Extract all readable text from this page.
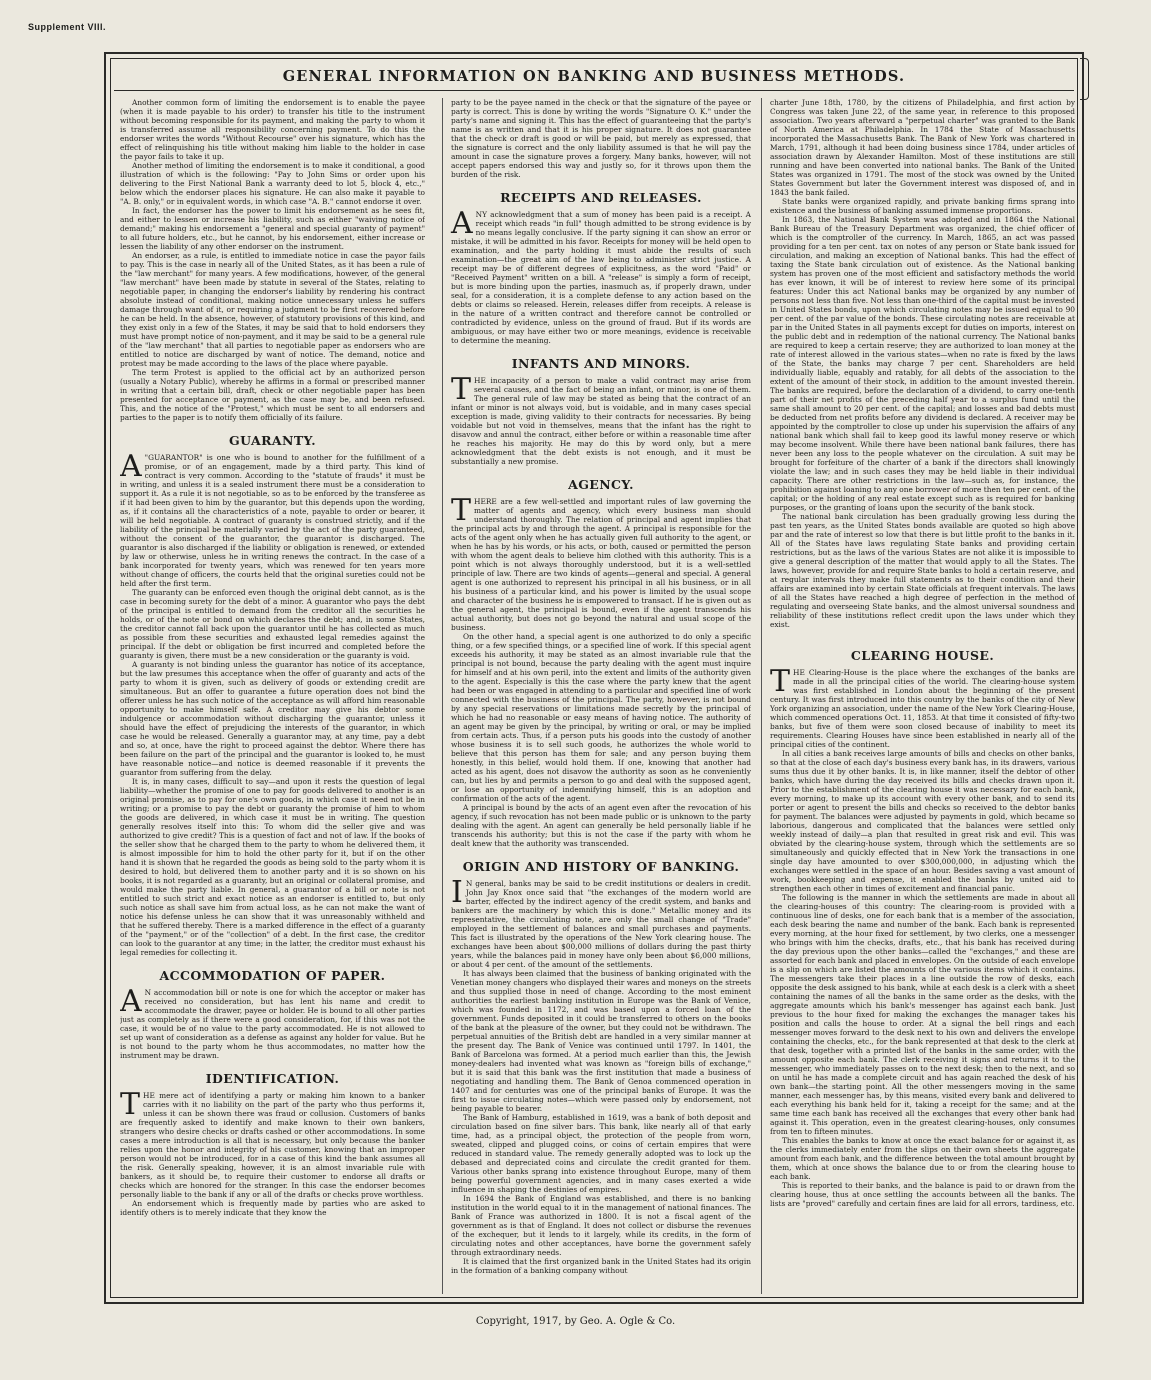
Supplement VIII.
GENERAL INFORMATION ON BANKING AND BUSINESS METHODS.

Another common form of limiting the endorsement is to enable the payee (when it is made payable to his order) to transfer his title to the instrument without becoming responsible for its payment, and making the party to whom it is transferred assume all responsibility concerning payment. To do this the endorser writes the words "Without Recourse" over his signature, which has the effect of relinquishing his title without making him liable to the holder in case the payor fails to take it up.

Another method of limiting the endorsement is to make it conditional, a good illustration of which is the following: "Pay to John Sims or order upon his delivering to the First National Bank a warranty deed to lot 5, block 4, etc.," below which the endorser places his signature. He can also make it payable to "A. B. only," or in equivalent words, in which case "A. B." cannot endorse it over.

In fact, the endorser has the power to limit his endorsement as he sees fit, and either to lessen or increase his liability, such as either "waiving notice of demand;" making his endorsement a "general and special guaranty of payment" to all future holders, etc., but he cannot, by his endorsement, either increase or lessen the liability of any other endorser on the instrument.

An endorser, as a rule, is entitled to immediate notice in case the payor fails to pay. This is the case in nearly all of the United States, as it has been a rule of the "law merchant" for many years. A few modifications, however, of the general "law merchant" have been made by statute in several of the States, relating to negotiable paper, in changing the endorser's liability by rendering his contract absolute instead of conditional, making notice unnecessary unless he suffers damage through want of it, or requiring a judgment to be first recovered before he can be held. In the absence, however, of statutory provisions of this kind, and they exist only in a few of the States, it may be said that to hold endorsers they must have prompt notice of non-payment, and it may be said to be a general rule of the "law merchant" that all parties to negotiable paper as endorsers who are entitled to notice are discharged by want of notice. The demand, notice and protest may be made according to the laws of the place where payable.

The term Protest is applied to the official act by an authorized person (usually a Notary Public), whereby he affirms in a formal or prescribed manner in writing that a certain bill, draft, check or other negotiable paper has been presented for acceptance or payment, as the case may be, and been refused. This, and the notice of the "Protest," which must be sent to all endorsers and parties to the paper is to notify them officially of its failure.

GUARANTY.

A"GUARANTOR" is one who is bound to another for the fulfillment of a promise, or of an engagement, made by a third party. This kind of contract is very common. According to the "statute of frauds" it must be in writing, and unless it is a sealed instrument there must be a consideration to support it. As a rule it is not negotiable, so as to be enforced by the transferee as if it had been given to him by the guarantor, but this depends upon the wording, as, if it contains all the characteristics of a note, payable to order or bearer, it will be held negotiable. A contract of guaranty is construed strictly, and if the liability of the principal be materially varied by the act of the party guaranteed, without the consent of the guarantor, the guarantor is discharged. The guarantor is also discharged if the liability or obligation is renewed, or extended by law or otherwise, unless he in writing renews the contract. In the case of a bank incorporated for twenty years, which was renewed for ten years more without change of officers, the courts held that the original sureties could not be held after the first term.

The guaranty can be enforced even though the original debt cannot, as is the case in becoming surety for the debt of a minor. A guarantor who pays the debt of the principal is entitled to demand from the creditor all the securities he holds, or of the note or bond on which declares the debt; and, in some States, the creditor cannot fall back upon the guarantor until he has collected as much as possible from these securities and exhausted legal remedies against the principal. If the debt or obligation be first incurred and completed before the guaranty is given, there must be a new consideration or the guaranty is void.

A guaranty is not binding unless the guarantor has notice of its acceptance, but the law presumes this acceptance when the offer of guaranty and acts of the party to whom it is given, such as delivery of goods or extending credit are simultaneous. But an offer to guarantee a future operation does not bind the offerer unless he has such notice of the acceptance as will afford him reasonable opportunity to make himself safe. A creditor may give his debtor some indulgence or accommodation without discharging the guarantor, unless it should have the effect of prejudicing the interests of the guarantor, in which case he would be released. Generally a guarantor may, at any time, pay a debt and so, at once, have the right to proceed against the debtor. Where there has been failure on the part of the principal and the guarantor is looked to, he must have reasonable notice—and notice is deemed reasonable if it prevents the guarantor from suffering from the delay.

It is, in many cases, difficult to say—and upon it rests the question of legal liability—whether the promise of one to pay for goods delivered to another is an original promise, as to pay for one's own goods, in which case it need not be in writing; or a promise to pay the debt or guaranty the promise of him to whom the goods are delivered, in which case it must be in writing. The question generally resolves itself into this: To whom did the seller give and was authorized to give credit? This is a question of fact and not of law. If the books of the seller show that he charged them to the party to whom he delivered them, it is almost impossible for him to hold the other party for it, but if on the other hand it is shown that he regarded the goods as being sold to the party whom it is desired to hold, but delivered them to another party and it is so shown on his books, it is not regarded as a guaranty, but an original or collateral promise, and would make the party liable. In general, a guarantor of a bill or note is not entitled to such strict and exact notice as an endorser is entitled to, but only such notice as shall save him from actual loss, as he can not make the want of notice his defense unless he can show that it was unreasonably withheld and that he suffered thereby. There is a marked difference in the effect of a guaranty of the "payment," or of the "collection" of a debt. In the first case, the creditor can look to the guarantor at any time; in the latter, the creditor must exhaust his legal remedies for collecting it.

ACCOMMODATION OF PAPER.

AN accommodation bill or note is one for which the acceptor or maker has received no consideration, but has lent his name and credit to accommodate the drawer, payee or holder. He is bound to all other parties just as completely as if there were a good consideration, for, if this was not the case, it would be of no value to the party accommodated. He is not allowed to set up want of consideration as a defense as against any holder for value. But he is not bound to the party whom he thus accommodates, no matter how the instrument may be drawn.

IDENTIFICATION.

THE mere act of identifying a party or making him known to a banker carries with it no liability on the part of the party who thus performs it, unless it can be shown there was fraud or collusion. Customers of banks are frequently asked to identify and make known to their own bankers, strangers who desire checks or drafts cashed or other accommodations. In some cases a mere introduction is all that is necessary, but only because the banker relies upon the honor and integrity of his customer, knowing that an improper person would not be introduced, for in a case of this kind the bank assumes all the risk. Generally speaking, however, it is an almost invariable rule with bankers, as it should be, to require their customer to endorse all drafts or checks which are honored for the stranger. In this case the endorser becomes personally liable to the bank if any or all of the drafts or checks prove worthless.

An endorsement which is frequently made by parties who are asked to identify others is to merely indicate that they know the

party to be the payee named in the check or that the signature of the payee or party is correct. This is done by writing the words "Signature O. K." under the party's name and signing it. This has the effect of guaranteeing that the party's name is as written and that it is his proper signature. It does not guarantee that the check or draft is good or will be paid, but merely as expressed, that the signature is correct and the only liability assumed is that he will pay the amount in case the signature proves a forgery. Many banks, however, will not accept papers endorsed this way and justly so, for it throws upon them the burden of the risk.

RECEIPTS AND RELEASES.

ANY acknowledgment that a sum of money has been paid is a receipt. A receipt which reads "in full" though admitted to be strong evidence is by no means legally conclusive. If the party signing it can show an error or mistake, it will be admitted in his favor. Receipts for money will be held open to examination, and the party holding it must abide the results of such examination—the great aim of the law being to administer strict justice. A receipt may be of different degrees of explicitness, as the word "Paid" or "Received Payment" written on a bill. A "release" is simply a form of receipt, but is more binding upon the parties, inasmuch as, if properly drawn, under seal, for a consideration, it is a complete defense to any action based on the debts or claims so released. Herein, releases differ from receipts. A release is in the nature of a written contract and therefore cannot be controlled or contradicted by evidence, unless on the ground of fraud. But if its words are ambiguous, or may have either two or more meanings, evidence is receivable to determine the meaning.

INFANTS AND MINORS.

THE incapacity of a person to make a valid contract may arise from several causes, and the fact of being an infant, or minor, is one of them. The general rule of law may be stated as being that the contract of an infant or minor is not always void, but is voidable, and in many cases special exception is made, giving validity to their contracts for necessaries. By being voidable but not void in themselves, means that the infant has the right to disavow and annul the contract, either before or within a reasonable time after he reaches his majority. He may do this by word only, but a mere acknowledgment that the debt exists is not enough, and it must be substantially a new promise.

AGENCY.

THERE are a few well-settled and important rules of law governing the matter of agents and agency, which every business man should understand thoroughly. The relation of principal and agent implies that the principal acts by and through the agent. A principal is responsible for the acts of the agent only when he has actually given full authority to the agent, or when he has by his words, or his acts, or both, caused or permitted the person with whom the agent deals to believe him clothed with this authority. This is a point which is not always thoroughly understood, but it is a well-settled principle of law. There are two kinds of agents—general and special. A general agent is one authorized to represent his principal in all his business, or in all his business of a particular kind, and his power is limited by the usual scope and character of the business he is empowered to transact. If he is given out as the general agent, the principal is bound, even if the agent transcends his actual authority, but does not go beyond the natural and usual scope of the business.

On the other hand, a special agent is one authorized to do only a specific thing, or a few specified things, or a specified line of work. If this special agent exceeds his authority, it may be stated as an almost invariable rule that the principal is not bound, because the party dealing with the agent must inquire for himself and at his own peril, into the extent and limits of the authority given to the agent. Especially is this the case where the party knew that the agent had been or was engaged in attending to a particular and specified line of work connected with the business of the principal. The party, however, is not bound by any special reservations or limitations made secretly by the principal of which he had no reasonable or easy means of having notice. The authority of an agent may be given by the principal, by writing or oral, or may be implied from certain acts. Thus, if a person puts his goods into the custody of another whose business it is to sell such goods, he authorizes the whole world to believe that this person has them for sale; and any person buying them honestly, in this belief, would hold them. If one, knowing that another had acted as his agent, does not disavow the authority as soon as he conveniently can, but lies by and permits a person to go and deal with the supposed agent, or lose an opportunity of indemnifying himself, this is an adoption and confirmation of the acts of the agent.

A principal is bound by the acts of an agent even after the revocation of his agency, if such revocation has not been made public or is unknown to the party dealing with the agent. An agent can generally be held personally liable if he transcends his authority; but this is not the case if the party with whom he dealt knew that the authority was transcended.

ORIGIN AND HISTORY OF BANKING.

IN general, banks may be said to be credit institutions or dealers in credit. John Jay Knox once said that "the exchanges of the modern world are barter, effected by the indirect agency of the credit system, and banks and bankers are the machinery by which this is done." Metallic money and its representative, the circulating note, are only the small change of "Trade" employed in the settlement of balances and small purchases and payments. This fact is illustrated by the operations of the New York clearing house. The exchanges have been about $00,000 millions of dollars during the past thirty years, while the balances paid in money have only been about $6,000 millions, or about 4 per cent. of the amount of the settlements.

It has always been claimed that the business of banking originated with the Venetian money changers who displayed their wares and moneys on the streets and thus supplied those in need of change. According to the most eminent authorities the earliest banking institution in Europe was the Bank of Venice, which was founded in 1172, and was based upon a forced loan of the government. Funds deposited in it could be transferred to others on the books of the bank at the pleasure of the owner, but they could not be withdrawn. The perpetual annuities of the British debt are handled in a very similar manner at the present day. The Bank of Venice was continued until 1797. In 1401, the Bank of Barcelona was formed. At a period much earlier than this, the Jewish money-dealers had invented what was known as "foreign bills of exchange," but it is said that this bank was the first institution that made a business of negotiating and handling them. The Bank of Genoa commenced operation in 1407 and for centuries was one of the principal banks of Europe. It was the first to issue circulating notes—which were passed only by endorsement, not being payable to bearer.

The Bank of Hamburg, established in 1619, was a bank of both deposit and circulation based on fine silver bars. This bank, like nearly all of that early time, had, as a principal object, the protection of the people from worn, sweated, clipped and plugged coins, or coins of certain empires that were reduced in standard value. The remedy generally adopted was to lock up the debased and depreciated coins and circulate the credit granted for them. Various other banks sprang into existence throughout Europe, many of them being powerful government agencies, and in many cases exerted a wide influence in shaping the destinies of empires.

In 1694 the Bank of England was established, and there is no banking institution in the world equal to it in the management of national finances. The Bank of France was authorized in 1800. It is not a fiscal agent of the government as is that of England. It does not collect or disburse the revenues of the exchequer, but it lends to it largely, while its credits, in the form of circulating notes and other acceptances, have borne the government safely through extraordinary needs.

It is claimed that the first organized bank in the United States had its origin in the formation of a banking company without

charter June 18th, 1780, by the citizens of Philadelphia, and first action by Congress was taken June 22, of the same year, in reference to this proposed association. Two years afterward a "perpetual charter" was granted to the Bank of North America at Philadelphia. In 1784 the State of Massachusetts incorporated the Massachusetts Bank. The Bank of New York was chartered in March, 1791, although it had been doing business since 1784, under articles of association drawn by Alexander Hamilton. Most of these institutions are still running and have been converted into national banks. The Bank of the United States was organized in 1791. The most of the stock was owned by the United States Government but later the Government interest was disposed of, and in 1843 the bank failed.

State banks were organized rapidly, and private banking firms sprang into existence and the business of banking assumed immense proportions.

In 1863, the National Bank System was adopted and in 1864 the National Bank Bureau of the Treasury Department was organized, the chief officer of which is the comptroller of the currency. In March, 1865, an act was passed providing for a ten per cent. tax on notes of any person or State bank issued for circulation, and making an exception of National banks. This had the effect of taxing the State bank circulation out of existence. As the National banking system has proven one of the most efficient and satisfactory methods the world has ever known, it will be of interest to review here some of its principal features: Under this act National banks may be organized by any number of persons not less than five. Not less than one-third of the capital must be invested in United States bonds, upon which circulating notes may be issued equal to 90 per cent. of the par value of the bonds. These circulating notes are receivable at par in the United States in all payments except for duties on imports, interest on the public debt and in redemption of the national currency. The National banks are required to keep a certain reserve; they are authorized to loan money at the rate of interest allowed in the various states—when no rate is fixed by the laws of the State, the banks may charge 7 per cent. Shareholders are held individually liable, equably and ratably, for all debts of the association to the extent of the amount of their stock, in addition to the amount invested therein. The banks are required, before the declaration of a dividend, to carry one-tenth part of their net profits of the preceding half year to a surplus fund until the same shall amount to 20 per cent. of the capital; and losses and bad debts must be deducted from net profits before any dividend is declared. A receiver may be appointed by the comptroller to close up under his supervision the affairs of any national bank which shall fail to keep good its lawful money reserve or which may become insolvent. While there have been national bank failures, there has never been any loss to the people whatever on the circulation. A suit may be brought for forfeiture of the charter of a bank if the directors shall knowingly violate the law; and in such cases they may be held liable in their individual capacity. There are other restrictions in the law—such as, for instance, the prohibition against loaning to any one borrower of more then ten per cent. of the capital; or the holding of any real estate except such as is required for banking purposes, or the granting of loans upon the security of the bank stock.

The national bank circulation has been gradually growing less during the past ten years, as the United States bonds available are quoted so high above par and the rate of interest so low that there is but little profit to the banks in it. All of the States have laws regulating State banks and providing certain restrictions, but as the laws of the various States are not alike it is impossible to give a general description of the matter that would apply to all the States. The laws, however, provide for and require State banks to hold a certain reserve, and at regular intervals they make full statements as to their condition and their affairs are examined into by certain State officials at frequent intervals. The laws of all the States have reached a high degree of perfection in the method of regulating and overseeing State banks, and the almost universal soundness and reliability of these institutions reflect credit upon the laws under which they exist.

CLEARING HOUSE.

THE Clearing-House is the place where the exchanges of the banks are made in all the principal cities of the world. The clearing-house system was first established in London about the beginning of the present century. It was first introduced into this country by the banks of the city of New York organizing an association, under the name of the New York Clearing-House, which commenced operations Oct. 11, 1853. At that time it consisted of fifty-two banks, but five of them were soon closed because of inability to meet its requirements. Clearing Houses have since been established in nearly all of the principal cities of the continent.

In all cities a bank receives large amounts of bills and checks on other banks, so that at the close of each day's business every bank has, in its drawers, various sums thus due it by other banks. It is, in like manner, itself the debtor of other banks, which have during the day received its bills and checks drawn upon it. Prior to the establishment of the clearing house it was necessary for each bank, every morning, to make up its account with every other bank, and to send its porter or agent to present the bills and checks so received to the debtor banks for payment. The balances were adjusted by payments in gold, which became so laborious, dangerous and complicated that the balances were settled only weekly instead of daily—a plan that resulted in great risk and evil. This was obviated by the clearing-house system, through which the settlements are so simultaneously and quickly effected that in New York the transactions in one single day have amounted to over $300,000,000, in adjusting which the exchanges were settled in the space of an hour. Besides saving a vast amount of work, bookkeeping and expense, it enabled the banks by united aid to strengthen each other in times of excitement and financial panic.

The following is the manner in which the settlements are made in about all the clearing-houses of this country: The clearing-room is provided with a continuous line of desks, one for each bank that is a member of the association, each desk bearing the name and number of the bank. Each bank is represented every morning, at the hour fixed for settlement, by two clerks, one a messenger who brings with him the checks, drafts, etc., that his bank has received during the day previous upon the other banks—called the "exchanges," and these are assorted for each bank and placed in envelopes. On the outside of each envelope is a slip on which are listed the amounts of the various items which it contains. The messengers take their places in a line outside the row of desks, each opposite the desk assigned to his bank, while at each desk is a clerk with a sheet containing the names of all the banks in the same order as the desks, with the aggregate amounts which his bank's messenger has against each bank. Just previous to the hour fixed for making the exchanges the manager takes his position and calls the house to order. At a signal the bell rings and each messenger moves forward to the desk next to his own and delivers the envelope containing the checks, etc., for the bank represented at that desk to the clerk at that desk, together with a printed list of the banks in the same order, with the amount opposite each bank. The clerk receiving it signs and returns it to the messenger, who immediately passes on to the next desk; then to the next, and so on until he has made a complete circuit and has again reached the desk of his own bank—the starting point. All the other messengers moving in the same manner, each messenger has, by this means, visited every bank and delivered to each everything his bank held for it, taking a receipt for the same; and at the same time each bank has received all the exchanges that every other bank had against it. This operation, even in the greatest clearing-houses, only consumes from ten to fifteen minutes.

This enables the banks to know at once the exact balance for or against it, as the clerks immediately enter from the slips on their own sheets the aggregate amount from each bank, and the difference between the total amount brought by them, which at once shows the balance due to or from the clearing house to each bank.

This is reported to their banks, and the balance is paid to or drawn from the clearing house, thus at once settling the accounts between all the banks. The lists are "proved" carefully and certain fines are laid for all errors, tardiness, etc.

Copyright, 1917, by Geo. A. Ogle & Co.
